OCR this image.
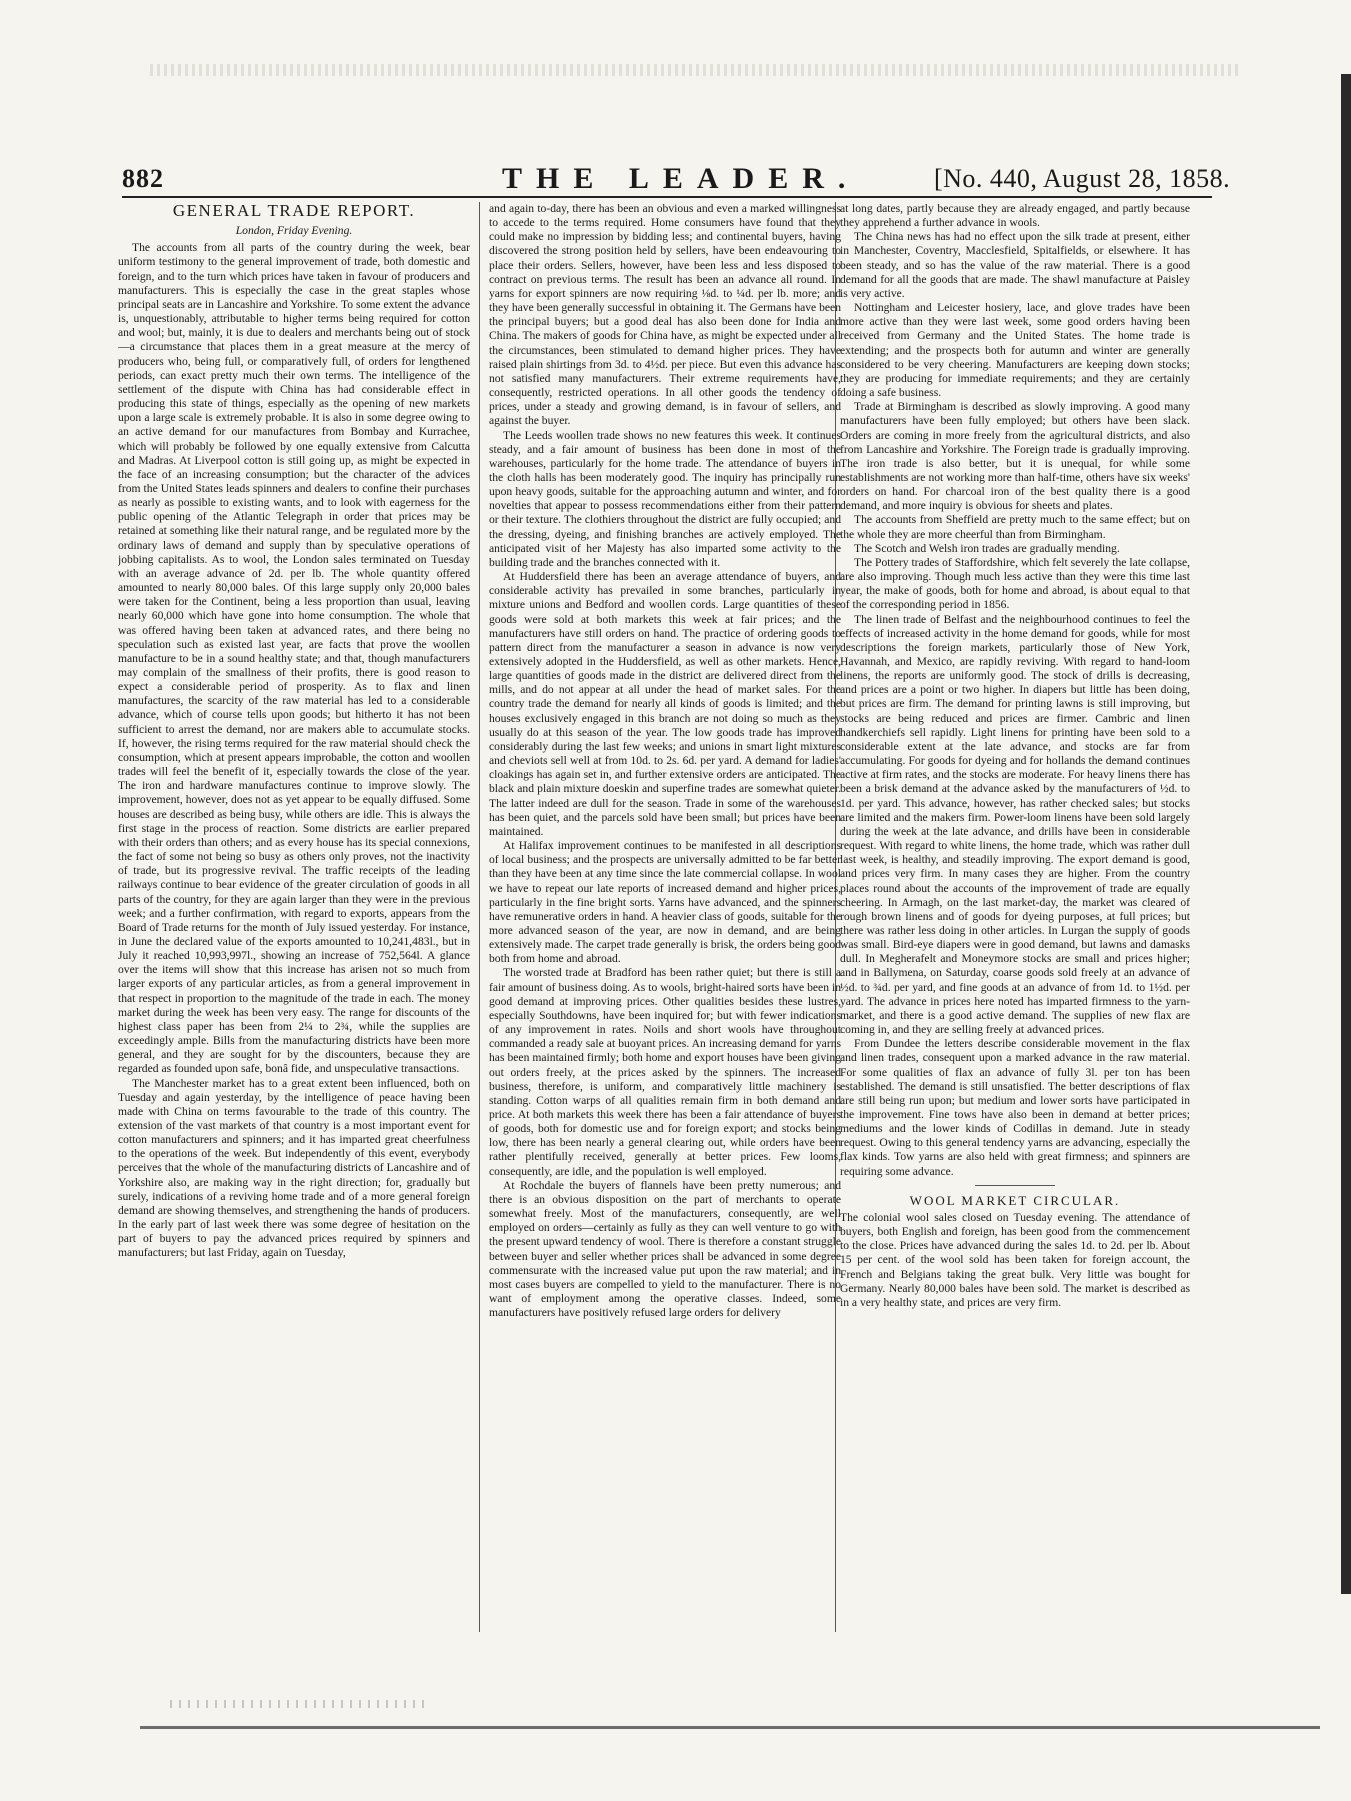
882	THE LEADER.	[No. 440, August 28, 1858.
GENERAL TRADE REPORT.
London, Friday Evening.

The accounts from all parts of the country during the week, bear uniform testimony to the general improvement of trade, both domestic and foreign, and to the turn which prices have taken in favour of producers and manufacturers. This is especially the case in the great staples whose principal seats are in Lancashire and Yorkshire. To some extent the advance is, unquestionably, attributable to higher terms being required for cotton and wool; but, mainly, it is due to dealers and merchants being out of stock—a circumstance that places them in a great measure at the mercy of producers who, being full, or comparatively full, of orders for lengthened periods, can exact pretty much their own terms. The intelligence of the settlement of the dispute with China has had considerable effect in producing this state of things, especially as the opening of new markets upon a large scale is extremely probable. It is also in some degree owing to an active demand for our manufactures from Bombay and Kurrachee, which will probably be followed by one equally extensive from Calcutta and Madras. At Liverpool cotton is still going up, as might be expected in the face of an increasing consumption; but the character of the advices from the United States leads spinners and dealers to confine their purchases as nearly as possible to existing wants, and to look with eagerness for the public opening of the Atlantic Telegraph in order that prices may be retained at something like their natural range, and be regulated more by the ordinary laws of demand and supply than by speculative operations of jobbing capitalists. As to wool, the London sales terminated on Tuesday with an average advance of 2d. per lb. The whole quantity offered amounted to nearly 80,000 bales. Of this large supply only 20,000 bales were taken for the Continent, being a less proportion than usual, leaving nearly 60,000 which have gone into home consumption. The whole that was offered having been taken at advanced rates, and there being no speculation such as existed last year, are facts that prove the woollen manufacture to be in a sound healthy state; and that, though manufacturers may complain of the smallness of their profits, there is good reason to expect a considerable period of prosperity. As to flax and linen manufactures, the scarcity of the raw material has led to a considerable advance, which of course tells upon goods; but hitherto it has not been sufficient to arrest the demand, nor are makers able to accumulate stocks. If, however, the rising terms required for the raw material should check the consumption, which at present appears improbable, the cotton and woollen trades will feel the benefit of it, especially towards the close of the year. The iron and hardware manufactures continue to improve slowly. The improvement, however, does not as yet appear to be equally diffused. Some houses are described as being busy, while others are idle. This is always the first stage in the process of reaction. Some districts are earlier prepared with their orders than others; and as every house has its special connexions, the fact of some not being so busy as others only proves, not the inactivity of trade, but its progressive revival. The traffic receipts of the leading railways continue to bear evidence of the greater circulation of goods in all parts of the country, for they are again larger than they were in the previous week; and a further confirmation, with regard to exports, appears from the Board of Trade returns for the month of July issued yesterday. For instance, in June the declared value of the exports amounted to 10,241,483l., but in July it reached 10,993,997l., showing an increase of 752,564l. A glance over the items will show that this increase has arisen not so much from larger exports of any particular articles, as from a general improvement in that respect in proportion to the magnitude of the trade in each. The money market during the week has been very easy. The range for discounts of the highest class paper has been from 2¼ to 2¾, while the supplies are exceedingly ample. Bills from the manufacturing districts have been more general, and they are sought for by the discounters, because they are regarded as founded upon safe, bonâ fide, and unspeculative transactions.

The Manchester market has to a great extent been influenced, both on Tuesday and again yesterday, by the intelligence of peace having been made with China on terms favourable to the trade of this country. The extension of the vast markets of that country is a most important event for cotton manufacturers and spinners; and it has imparted great cheerfulness to the operations of the week. But independently of this event, everybody perceives that the whole of the manufacturing districts of Lancashire and of Yorkshire also, are making way in the right direction; for, gradually but surely, indications of a reviving home trade and of a more general foreign demand are showing themselves, and strengthening the hands of producers. In the early part of last week there was some degree of hesitation on the part of buyers to pay the advanced prices required by spinners and manufacturers; but last Friday, again on Tuesday,

and again to-day, there has been an obvious and even a marked willingness to accede to the terms required. Home consumers have found that they could make no impression by bidding less; and continental buyers, having discovered the strong position held by sellers, have been endeavouring to place their orders. Sellers, however, have been less and less disposed to contract on previous terms. The result has been an advance all round. In yarns for export spinners are now requiring ⅛d. to ¼d. per lb. more; and they have been generally successful in obtaining it. The Germans have been the principal buyers; but a good deal has also been done for India and China. The makers of goods for China have, as might be expected under all the circumstances, been stimulated to demand higher prices. They have raised plain shirtings from 3d. to 4½d. per piece. But even this advance has not satisfied many manufacturers. Their extreme requirements have, consequently, restricted operations. In all other goods the tendency of prices, under a steady and growing demand, is in favour of sellers, and against the buyer.

The Leeds woollen trade shows no new features this week. It continues steady, and a fair amount of business has been done in most of the warehouses, particularly for the home trade. The attendance of buyers in the cloth halls has been moderately good. The inquiry has principally run upon heavy goods, suitable for the approaching autumn and winter, and for novelties that appear to possess recommendations either from their pattern or their texture. The clothiers throughout the district are fully occupied; and the dressing, dyeing, and finishing branches are actively employed. The anticipated visit of her Majesty has also imparted some activity to the building trade and the branches connected with it.

At Huddersfield there has been an average attendance of buyers, and considerable activity has prevailed in some branches, particularly in mixture unions and Bedford and woollen cords. Large quantities of these goods were sold at both markets this week at fair prices; and the manufacturers have still orders on hand. The practice of ordering goods to pattern direct from the manufacturer a season in advance is now very extensively adopted in the Huddersfield, as well as other markets. Hence, large quantities of goods made in the district are delivered direct from the mills, and do not appear at all under the head of market sales. For the country trade the demand for nearly all kinds of goods is limited; and the houses exclusively engaged in this branch are not doing so much as they usually do at this season of the year. The low goods trade has improved considerably during the last few weeks; and unions in smart light mixtures and cheviots sell well at from 10d. to 2s. 6d. per yard. A demand for ladies' cloakings has again set in, and further extensive orders are anticipated. The black and plain mixture doeskin and superfine trades are somewhat quieter. The latter indeed are dull for the season. Trade in some of the warehouses has been quiet, and the parcels sold have been small; but prices have been maintained.

At Halifax improvement continues to be manifested in all descriptions of local business; and the prospects are universally admitted to be far better than they have been at any time since the late commercial collapse. In wool we have to repeat our late reports of increased demand and higher prices, particularly in the fine bright sorts. Yarns have advanced, and the spinners have remunerative orders in hand. A heavier class of goods, suitable for the more advanced season of the year, are now in demand, and are being extensively made. The carpet trade generally is brisk, the orders being good both from home and abroad.

The worsted trade at Bradford has been rather quiet; but there is still a fair amount of business doing. As to wools, bright-haired sorts have been in good demand at improving prices. Other qualities besides these lustres, especially Southdowns, have been inquired for; but with fewer indications of any improvement in rates. Noils and short wools have throughout commanded a ready sale at buoyant prices. An increasing demand for yarns has been maintained firmly; both home and export houses have been giving out orders freely, at the prices asked by the spinners. The increased business, therefore, is uniform, and comparatively little machinery is standing. Cotton warps of all qualities remain firm in both demand and price. At both markets this week there has been a fair attendance of buyers of goods, both for domestic use and for foreign export; and stocks being low, there has been nearly a general clearing out, while orders have been rather plentifully received, generally at better prices. Few looms, consequently, are idle, and the population is well employed.

At Rochdale the buyers of flannels have been pretty numerous; and there is an obvious disposition on the part of merchants to operate somewhat freely. Most of the manufacturers, consequently, are well employed on orders—certainly as fully as they can well venture to go with the present upward tendency of wool. There is therefore a constant struggle between buyer and seller whether prices shall be advanced in some degree commensurate with the increased value put upon the raw material; and in most cases buyers are compelled to yield to the manufacturer. There is no want of employment among the operative classes. Indeed, some manufacturers have positively refused large orders for delivery

at long dates, partly because they are already engaged, and partly because they apprehend a further advance in wools.

The China news has had no effect upon the silk trade at present, either in Manchester, Coventry, Macclesfield, Spitalfields, or elsewhere. It has been steady, and so has the value of the raw material. There is a good demand for all the goods that are made. The shawl manufacture at Paisley is very active.

Nottingham and Leicester hosiery, lace, and glove trades have been more active than they were last week, some good orders having been received from Germany and the United States. The home trade is extending; and the prospects both for autumn and winter are generally considered to be very cheering. Manufacturers are keeping down stocks; they are producing for immediate requirements; and they are certainly doing a safe business.

Trade at Birmingham is described as slowly improving. A good many manufacturers have been fully employed; but others have been slack. Orders are coming in more freely from the agricultural districts, and also from Lancashire and Yorkshire. The Foreign trade is gradually improving. The iron trade is also better, but it is unequal, for while some establishments are not working more than half-time, others have six weeks' orders on hand. For charcoal iron of the best quality there is a good demand, and more inquiry is obvious for sheets and plates.

The accounts from Sheffield are pretty much to the same effect; but on the whole they are more cheerful than from Birmingham.

The Scotch and Welsh iron trades are gradually mending.

The Pottery trades of Staffordshire, which felt severely the late collapse, are also improving. Though much less active than they were this time last year, the make of goods, both for home and abroad, is about equal to that of the corresponding period in 1856.

The linen trade of Belfast and the neighbourhood continues to feel the effects of increased activity in the home demand for goods, while for most descriptions the foreign markets, particularly those of New York, Havannah, and Mexico, are rapidly reviving. With regard to hand-loom linens, the reports are uniformly good. The stock of drills is decreasing, and prices are a point or two higher. In diapers but little has been doing, but prices are firm. The demand for printing lawns is still improving, but stocks are being reduced and prices are firmer. Cambric and linen handkerchiefs sell rapidly. Light linens for printing have been sold to a considerable extent at the late advance, and stocks are far from accumulating. For goods for dyeing and for hollands the demand continues active at firm rates, and the stocks are moderate. For heavy linens there has been a brisk demand at the advance asked by the manufacturers of ½d. to 1d. per yard. This advance, however, has rather checked sales; but stocks are limited and the makers firm. Power-loom linens have been sold largely during the week at the late advance, and drills have been in considerable request. With regard to white linens, the home trade, which was rather dull last week, is healthy, and steadily improving. The export demand is good, and prices very firm. In many cases they are higher. From the country places round about the accounts of the improvement of trade are equally cheering. In Armagh, on the last market-day, the market was cleared of rough brown linens and of goods for dyeing purposes, at full prices; but there was rather less doing in other articles. In Lurgan the supply of goods was small. Bird-eye diapers were in good demand, but lawns and damasks dull. In Megherafelt and Moneymore stocks are small and prices higher; and in Ballymena, on Saturday, coarse goods sold freely at an advance of ½d. to ¾d. per yard, and fine goods at an advance of from 1d. to 1½d. per yard. The advance in prices here noted has imparted firmness to the yarn-market, and there is a good active demand. The supplies of new flax are coming in, and they are selling freely at advanced prices.

From Dundee the letters describe considerable movement in the flax and linen trades, consequent upon a marked advance in the raw material. For some qualities of flax an advance of fully 3l. per ton has been established. The demand is still unsatisfied. The better descriptions of flax are still being run upon; but medium and lower sorts have participated in the improvement. Fine tows have also been in demand at better prices; mediums and the lower kinds of Codillas in demand. Jute in steady request. Owing to this general tendency yarns are advancing, especially the flax kinds. Tow yarns are also held with great firmness; and spinners are requiring some advance.

WOOL MARKET CIRCULAR.

The colonial wool sales closed on Tuesday evening. The attendance of buyers, both English and foreign, has been good from the commencement to the close. Prices have advanced during the sales 1d. to 2d. per lb. About 15 per cent. of the wool sold has been taken for foreign account, the French and Belgians taking the great bulk. Very little was bought for Germany. Nearly 80,000 bales have been sold. The market is described as in a very healthy state, and prices are very firm.
